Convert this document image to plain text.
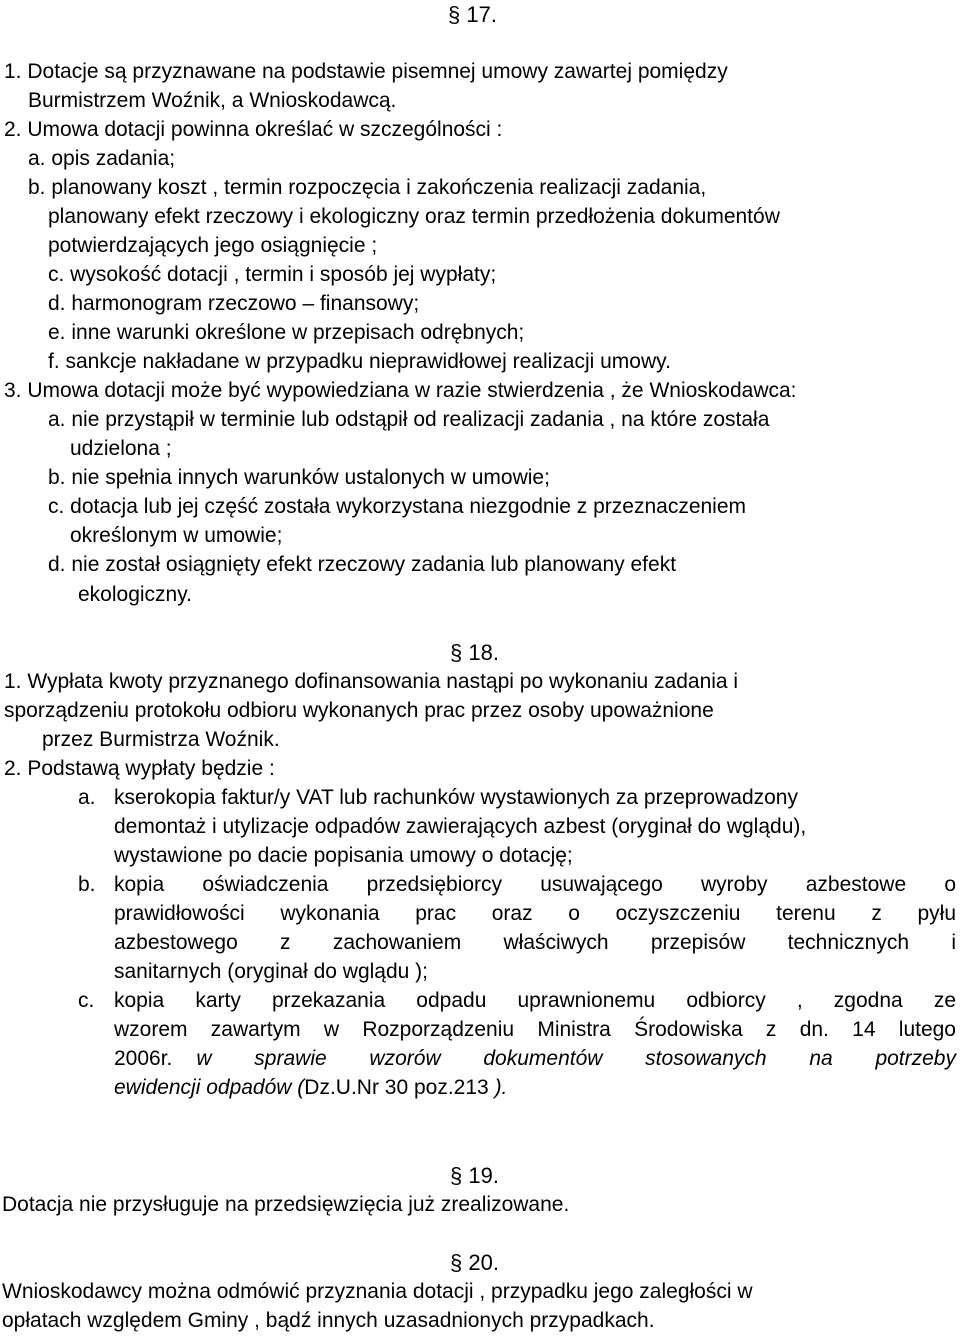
§ 17.
1. Dotacje są przyznawane na podstawie pisemnej umowy zawartej pomiędzy
Burmistrzem Woźnik, a Wnioskodawcą.
2. Umowa dotacji powinna określać w szczególności :
a. opis zadania;
b. planowany koszt , termin rozpoczęcia i zakończenia realizacji zadania,
planowany efekt rzeczowy i ekologiczny oraz termin przedłożenia dokumentów
potwierdzających jego osiągnięcie ;
c. wysokość dotacji , termin i sposób jej wypłaty;
d. harmonogram rzeczowo – finansowy;
e. inne warunki określone w przepisach odrębnych;
f. sankcje nakładane w przypadku nieprawidłowej realizacji umowy.
3. Umowa dotacji może być wypowiedziana w razie stwierdzenia , że Wnioskodawca:
a. nie przystąpił w terminie lub odstąpił od realizacji zadania , na które została
udzielona ;
b. nie spełnia innych warunków ustalonych w umowie;
c. dotacja lub jej część została wykorzystana niezgodnie z przeznaczeniem
określonym w umowie;
d. nie został osiągnięty efekt rzeczowy zadania lub planowany efekt
ekologiczny.
§ 18.
1. Wypłata kwoty przyznanego dofinansowania nastąpi po wykonaniu zadania i
sporządzeniu protokołu odbioru wykonanych prac przez osoby upoważnione
przez Burmistrza Woźnik.
2. Podstawą wypłaty będzie :
a. kserokopia faktur/y VAT lub rachunków wystawionych za przeprowadzony
demontaż i utylizacje odpadów zawierających azbest (oryginał do wglądu),
wystawione po dacie popisania umowy o dotację;
b. kopia oświadczenia przedsiębiorcy usuwającego wyroby azbestowe o
prawidłowości wykonania prac oraz o oczyszczeniu terenu z pyłu
azbestowego z zachowaniem właściwych przepisów technicznych i
sanitarnych (oryginał do wglądu );
c. kopia karty przekazania odpadu uprawnionemu odbiorcy , zgodna ze
wzorem zawartym w Rozporządzeniu Ministra Środowiska z dn. 14 lutego
2006r.	w sprawie wzorów dokumentów stosowanych na potrzeby
ewidencji odpadów (Dz.U.Nr 30 poz.213 ).
§ 19.
Dotacja nie przysługuje na przedsięwzięcia już zrealizowane.
§ 20.
Wnioskodawcy można odmówić przyznania dotacji , przypadku jego zaległości w
opłatach względem Gminy , bądź innych uzasadnionych przypadkach.
